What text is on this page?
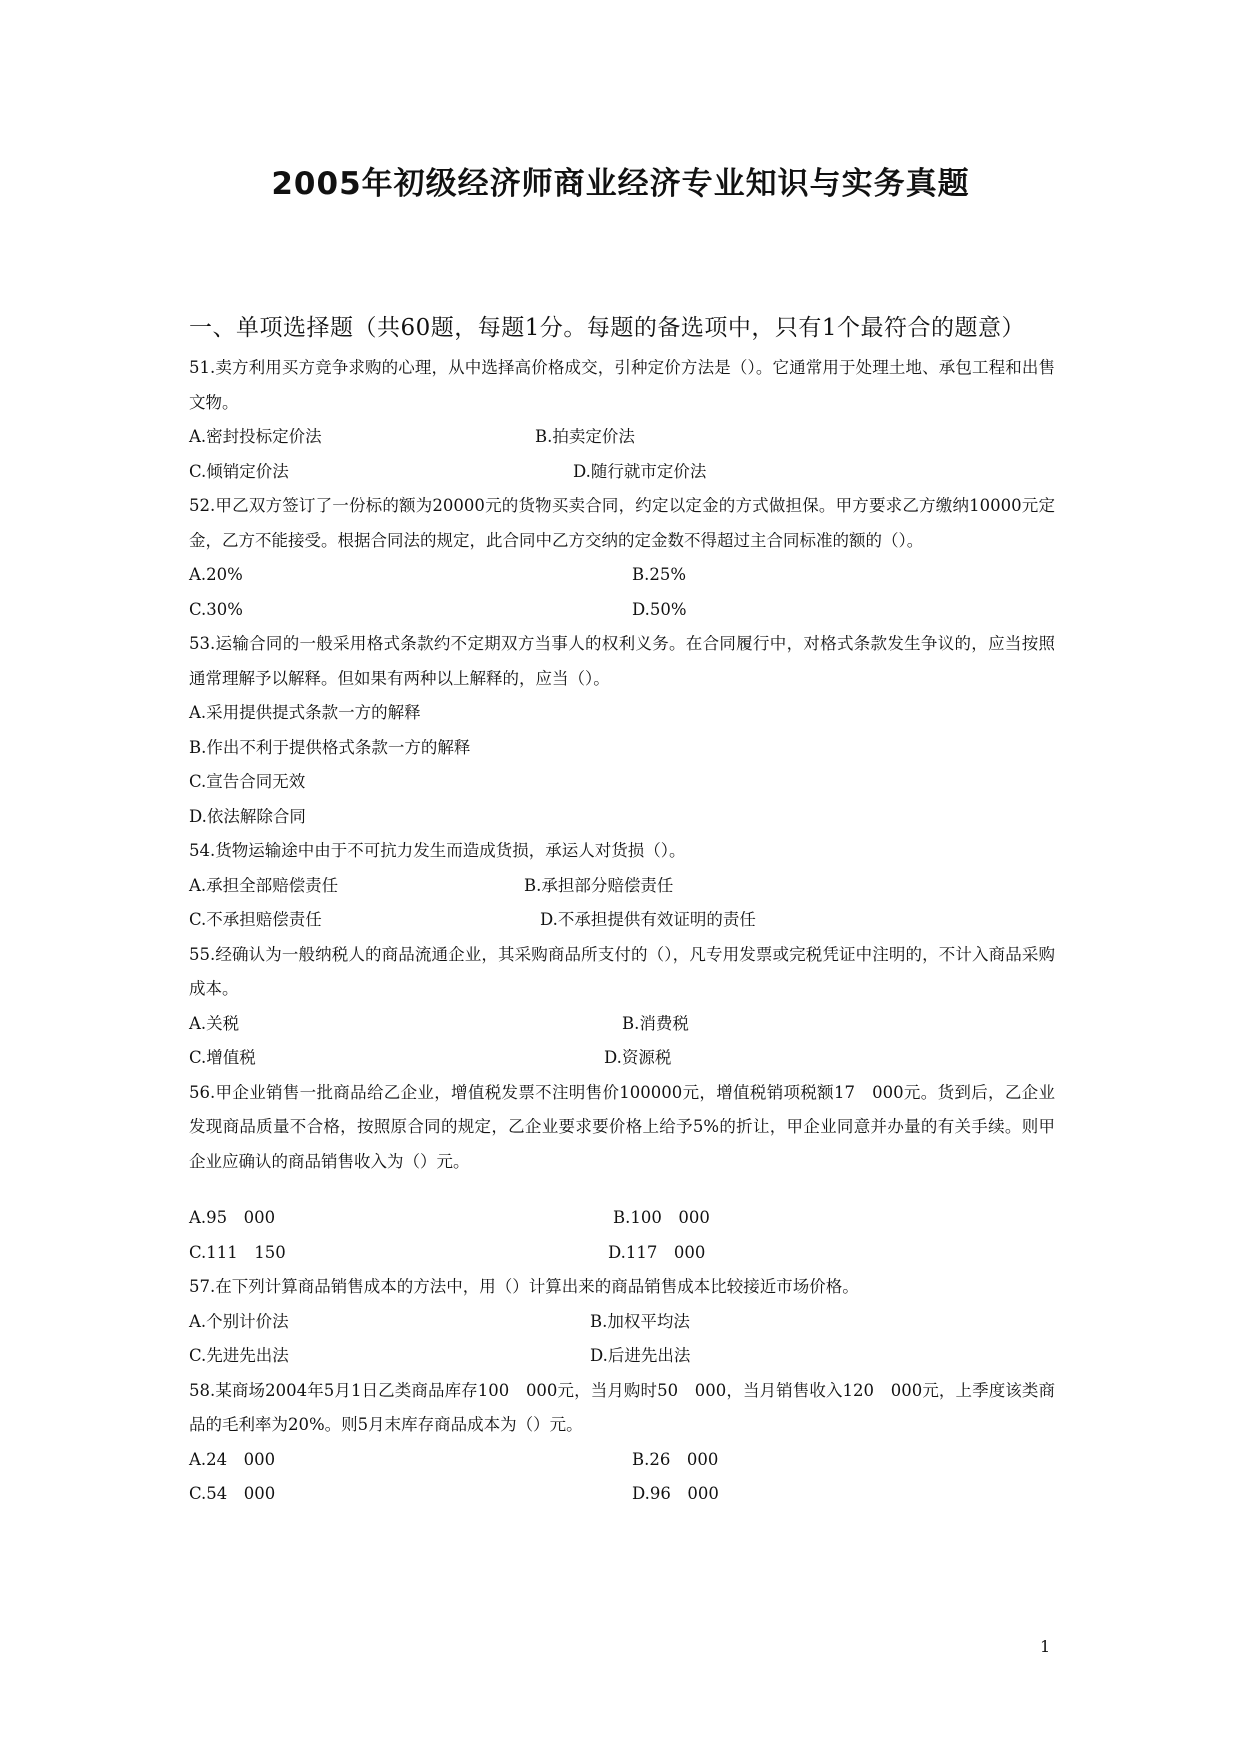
2005年初级经济师商业经济专业知识与实务真题

一、单项选择题（共60题，每题1分。每题的备选项中，只有1个最符合的题意）

51.卖方利用买方竞争求购的心理，从中选择高价格成交，引种定价方法是（）。它通常用于处理土地、承包工程和出售文物。

A.密封投标定价法	B.拍卖定价法
C.倾销定价法	D.随行就市定价法

52.甲乙双方签订了一份标的额为20000元的货物买卖合同，约定以定金的方式做担保。甲方要求乙方缴纳10000元定金，乙方不能接受。根据合同法的规定，此合同中乙方交纳的定金数不得超过主合同标准的额的（）。

A.20%	B.25%
C.30%	D.50%

53.运输合同的一般采用格式条款约不定期双方当事人的权利义务。在合同履行中，对格式条款发生争议的，应当按照通常理解予以解释。但如果有两种以上解释的，应当（）。

A.采用提供提式条款一方的解释
B.作出不利于提供格式条款一方的解释
C.宣告合同无效
D.依法解除合同

54.货物运输途中由于不可抗力发生而造成货损，承运人对货损（）。

A.承担全部赔偿责任	B.承担部分赔偿责任
C.不承担赔偿责任	D.不承担提供有效证明的责任

55.经确认为一般纳税人的商品流通企业，其采购商品所支付的（），凡专用发票或完税凭证中注明的，不计入商品采购成本。

A.关税	B.消费税
C.增值税	D.资源税

56.甲企业销售一批商品给乙企业，增值税发票不注明售价100000元，增值税销项税额17　000元。货到后，乙企业发现商品质量不合格，按照原合同的规定，乙企业要求要价格上给予5%的折让，甲企业同意并办量的有关手续。则甲企业应确认的商品销售收入为（）元。

A.95　000	B.100　000
C.111　150	D.117　000

57.在下列计算商品销售成本的方法中，用（）计算出来的商品销售成本比较接近市场价格。

A.个别计价法	B.加权平均法
C.先进先出法	D.后进先出法

58.某商场2004年5月1日乙类商品库存100　000元，当月购时50　000，当月销售收入120　000元，上季度该类商品的毛利率为20%。则5月末库存商品成本为（）元。

A.24　000	B.26　000
C.54　000	D.96　000
1
